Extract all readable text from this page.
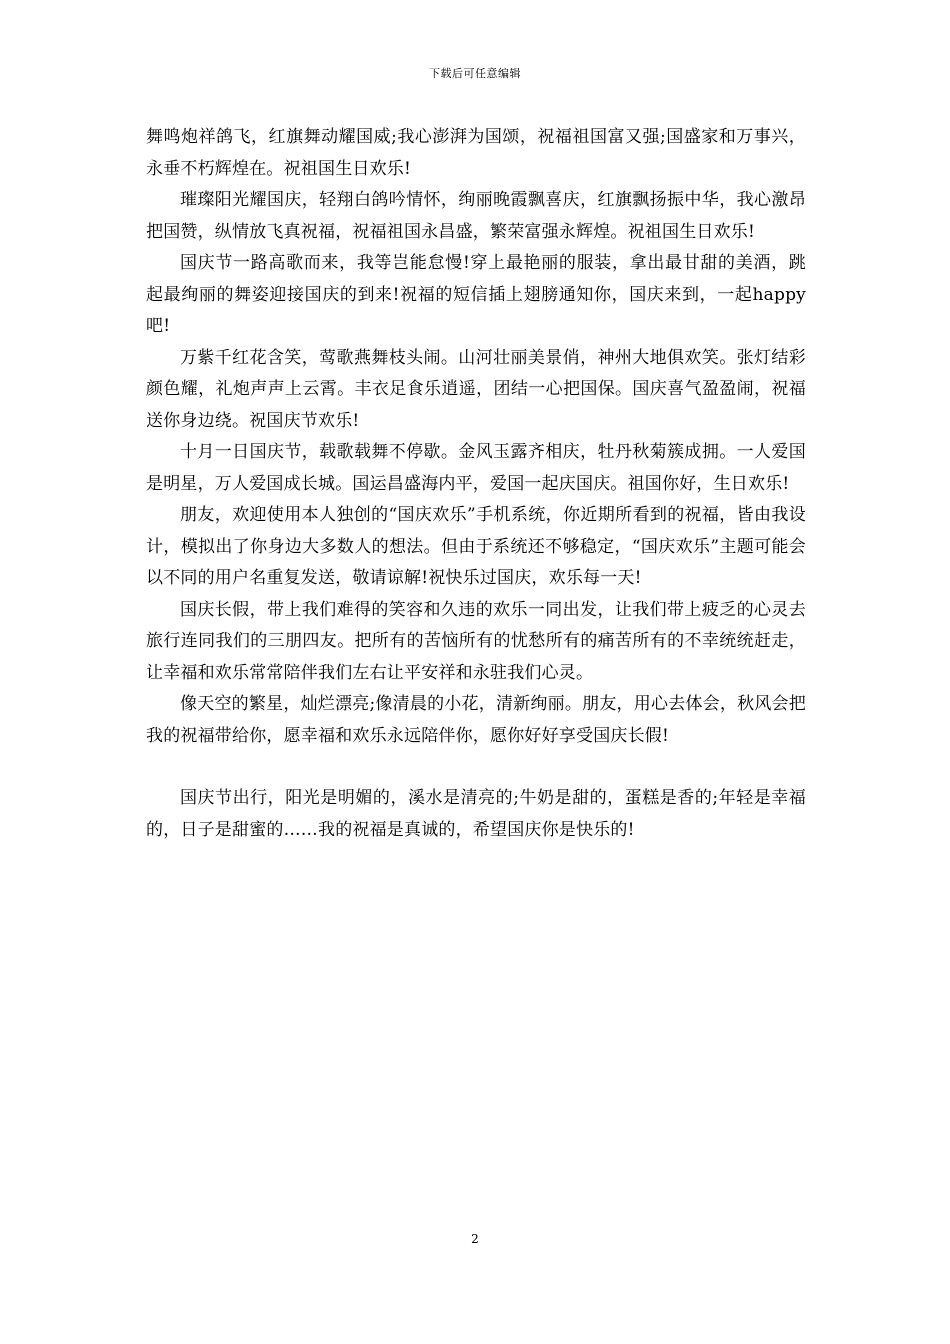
下载后可任意编辑

舞鸣炮祥鸽飞，红旗舞动耀国威;我心澎湃为国颂，祝福祖国富又强;国盛家和万事兴，永垂不朽辉煌在。祝祖国生日欢乐!

璀璨阳光耀国庆，轻翔白鸽吟情怀，绚丽晚霞飘喜庆，红旗飘扬振中华，我心激昂把国赞，纵情放飞真祝福，祝福祖国永昌盛，繁荣富强永辉煌。祝祖国生日欢乐!

国庆节一路高歌而来，我等岂能怠慢!穿上最艳丽的服装，拿出最甘甜的美酒，跳起最绚丽的舞姿迎接国庆的到来!祝福的短信插上翅膀通知你，国庆来到，一起happy吧!

万紫千红花含笑，莺歌燕舞枝头闹。山河壮丽美景俏，神州大地俱欢笑。张灯结彩颜色耀，礼炮声声上云霄。丰衣足食乐逍遥，团结一心把国保。国庆喜气盈盈闹，祝福送你身边绕。祝国庆节欢乐!

十月一日国庆节，载歌载舞不停歇。金风玉露齐相庆，牡丹秋菊簇成拥。一人爱国是明星，万人爱国成长城。国运昌盛海内平，爱国一起庆国庆。祖国你好，生日欢乐!

朋友，欢迎使用本人独创的“国庆欢乐”手机系统，你近期所看到的祝福，皆由我设计，模拟出了你身边大多数人的想法。但由于系统还不够稳定，“国庆欢乐”主题可能会以不同的用户名重复发送，敬请谅解!祝快乐过国庆，欢乐每一天!

国庆长假，带上我们难得的笑容和久违的欢乐一同出发，让我们带上疲乏的心灵去旅行连同我们的三朋四友。把所有的苦恼所有的忧愁所有的痛苦所有的不幸统统赶走，让幸福和欢乐常常陪伴我们左右让平安祥和永驻我们心灵。

像天空的繁星，灿烂漂亮;像清晨的小花，清新绚丽。朋友，用心去体会，秋风会把我的祝福带给你，愿幸福和欢乐永远陪伴你，愿你好好享受国庆长假!

国庆节出行，阳光是明媚的，溪水是清亮的;牛奶是甜的，蛋糕是香的;年轻是幸福的，日子是甜蜜的……我的祝福是真诚的，希望国庆你是快乐的!

2
